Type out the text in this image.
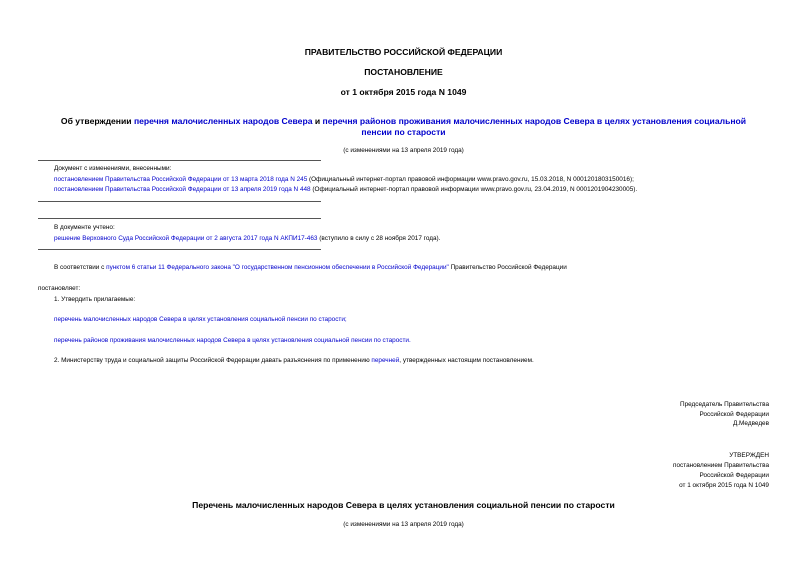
ПРАВИТЕЛЬСТВО РОССИЙСКОЙ ФЕДЕРАЦИИ
ПОСТАНОВЛЕНИЕ
от 1 октября 2015 года N 1049
Об утверждении перечня малочисленных народов Севера и перечня районов проживания малочисленных народов Севера в целях установления социальной пенсии по старости
(с изменениями на 13 апреля 2019 года)
Документ с изменениями, внесенными:
постановлением Правительства Российской Федерации от 13 марта 2018 года N 245 (Официальный интернет-портал правовой информации www.pravo.gov.ru, 15.03.2018, N 0001201803150016);
постановлением Правительства Российской Федерации от 13 апреля 2019 года N 448 (Официальный интернет-портал правовой информации www.pravo.gov.ru, 23.04.2019, N 0001201904230005).
В документе учтено:
решение Верховного Суда Российской Федерации от 2 августа 2017 года N АКПИ17-463 (вступило в силу с 28 ноября 2017 года).
В соответствии с пунктом 6 статьи 11 Федерального закона "О государственном пенсионном обеспечении в Российской Федерации" Правительство Российской Федерации
постановляет:
1. Утвердить прилагаемые:
перечень малочисленных народов Севера в целях установления социальной пенсии по старости;
перечень районов проживания малочисленных народов Севера в целях установления социальной пенсии по старости.
2. Министерству труда и социальной защиты Российской Федерации давать разъяснения по применению перечней, утвержденных настоящим постановлением.

Председатель Правительства

Российской Федерации

Д.Медведев

УТВЕРЖДЕН

постановлением Правительства

Российской Федерации

от 1 октября 2015 года N 1049

Перечень малочисленных народов Севера в целях установления социальной пенсии по старости
(с изменениями на 13 апреля 2019 года)
